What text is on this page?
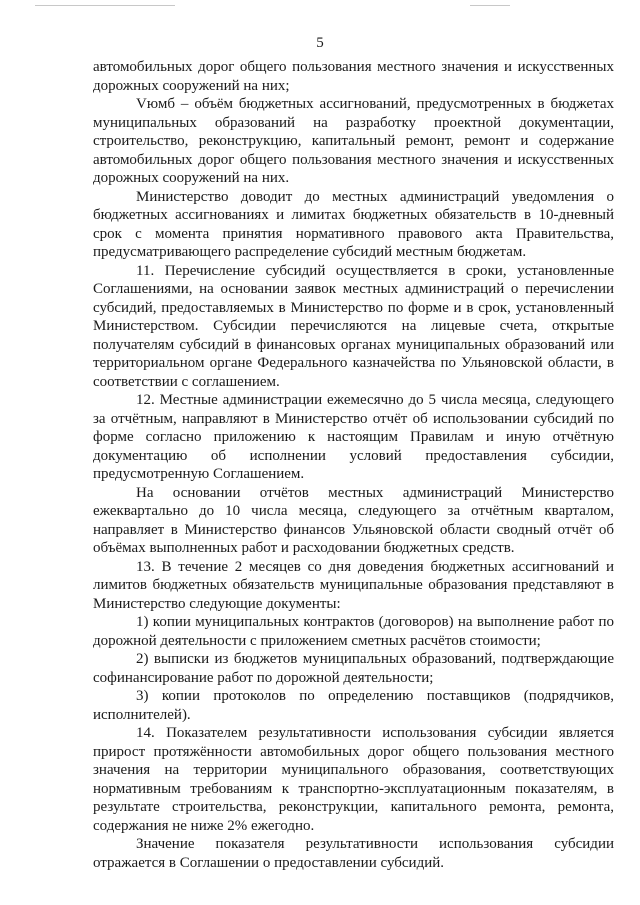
5

автомобильных дорог общего пользования местного значения и искусственных дорожных сооружений на них;

Vюмб – объём бюджетных ассигнований, предусмотренных в бюджетах муниципальных образований на разработку проектной документации, строительство, реконструкцию, капитальный ремонт, ремонт и содержание автомобильных дорог общего пользования местного значения и искусственных дорожных сооружений на них.

Министерство доводит до местных администраций уведомления о бюджетных ассигнованиях и лимитах бюджетных обязательств в 10-дневный срок с момента принятия нормативного правового акта Правительства, предусматривающего распределение субсидий местным бюджетам.

11. Перечисление субсидий осуществляется в сроки, установленные Соглашениями, на основании заявок местных администраций о перечислении субсидий, предоставляемых в Министерство по форме и в срок, установленный Министерством. Субсидии перечисляются на лицевые счета, открытые получателям субсидий в финансовых органах муниципальных образований или территориальном органе Федерального казначейства по Ульяновской области, в соответствии с соглашением.

12. Местные администрации ежемесячно до 5 числа месяца, следующего за отчётным, направляют в Министерство отчёт об использовании субсидий по форме согласно приложению к настоящим Правилам и иную отчётную документацию об исполнении условий предоставления субсидии, предусмотренную Соглашением.

На основании отчётов местных администраций Министерство ежеквартально до 10 числа месяца, следующего за отчётным кварталом, направляет в Министерство финансов Ульяновской области сводный отчёт об объёмах выполненных работ и расходовании бюджетных средств.

13. В течение 2 месяцев со дня доведения бюджетных ассигнований и лимитов бюджетных обязательств муниципальные образования представляют в Министерство следующие документы:

1) копии муниципальных контрактов (договоров) на выполнение работ по дорожной деятельности с приложением сметных расчётов стоимости;

2) выписки из бюджетов муниципальных образований, подтверждающие софинансирование работ по дорожной деятельности;

3) копии протоколов по определению поставщиков (подрядчиков, исполнителей).

14. Показателем результативности использования субсидии является прирост протяжённости автомобильных дорог общего пользования местного значения на территории муниципального образования, соответствующих нормативным требованиям к транспортно-эксплуатационным показателям, в результате строительства, реконструкции, капитального ремонта, ремонта, содержания не ниже 2% ежегодно.

Значение показателя результативности использования субсидии отражается в Соглашении о предоставлении субсидий.
